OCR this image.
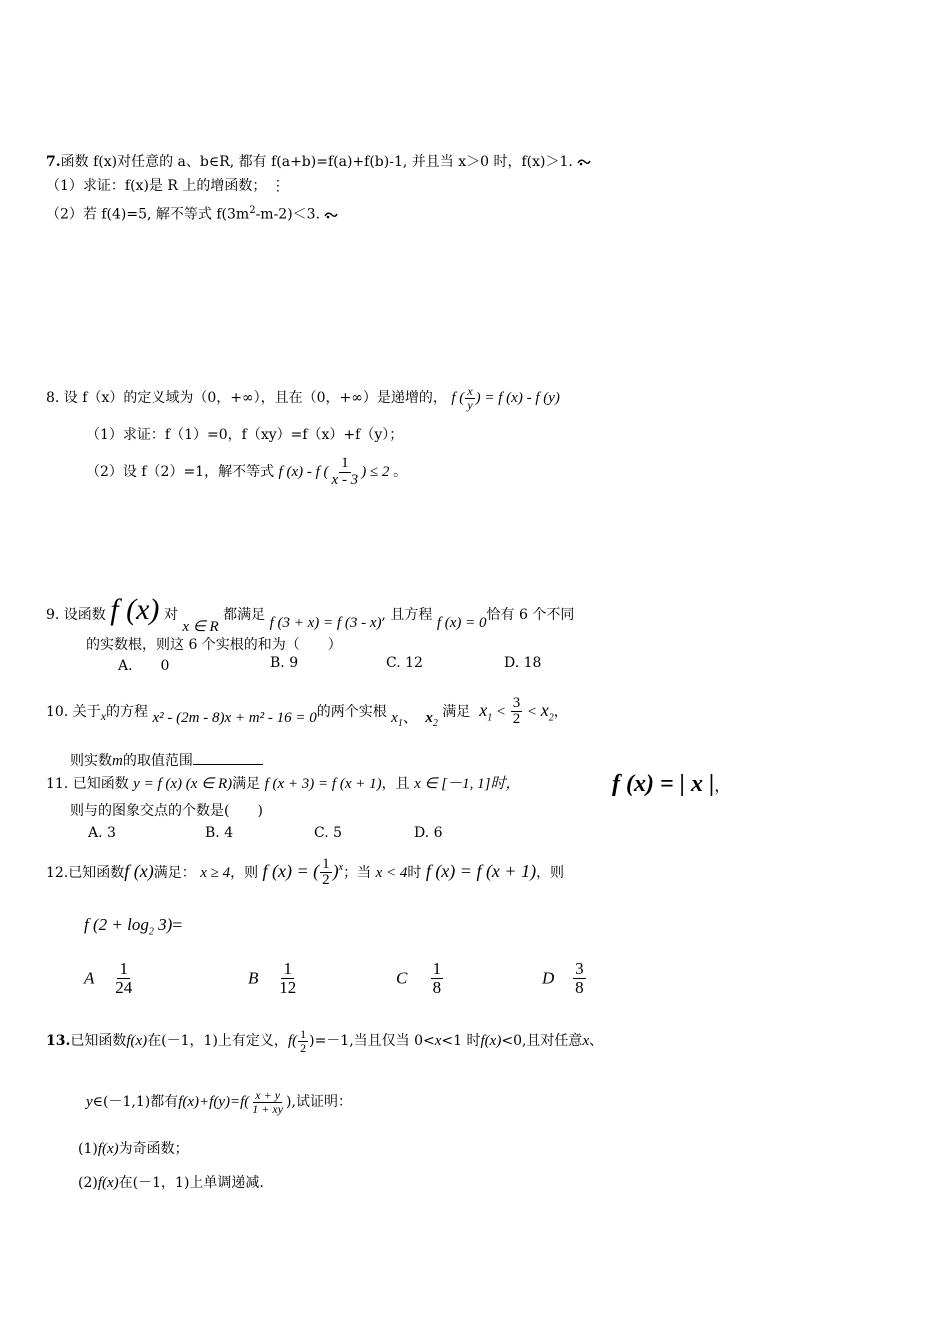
7.函数 f(x)对任意的 a、b∈R, 都有 f(a+b)=f(a)+f(b)-1, 并且当 x＞0 时，f(x)＞1.
（1）求证：f(x)是 R 上的增函数； ⋮
（2）若 f(4)=5, 解不等式 $f(3m^2-m-2)<3$.
8. 设 f（x）的定义域为（0，+∞），且在（0，+∞）是递增的， f ( $\frac{x}{y}$ ) = f (x) - f (y)
（1）求证：f（1）=0，f（xy）=f（x）+f（y）；
（2）设 f（2）=1，解不等式 f (x) - f ( $\frac{1}{x - 3}$ ) ≤ 2 。
9. 设函数 f (x) 对 x ∈ R 都满足 f (3 + x) = f (3 - x), 且方程 f (x) = 0恰有 6 个不同
的实数根，则这 6 个实根的和为（　　）
A.　　0	B. 9	C. 12	D. 18
10. 关于x的方程 x² - (2m - 8)x + m² - 16 = 0的两个实根 $x_1$、 $x_2$ 满足 $x_1 < \frac{3}{2} < x_2$，
则实数m的取值范围
11. 已知函数 y = f (x) (x ∈ R)满足 f (x + 3) = f (x + 1)，且 x ∈ [－1, 1]时，	f (x) = | x |，
则与的图象交点的个数是(　　)
A. 3	B. 4	C. 5	D. 6
12.已知函数f (x)满足： x ≥ 4，则 f (x) = ( $\frac{1}{2} )^x$；当 x < 4时 f (x) = f (x + 1)，则
f $(2 + \log_2 3)=$
A $\frac{1}{24}$	B $\frac{1}{12}$	C $\frac{1}{8}$	D $\frac{3}{8}$
13.已知函数f(x)在(－1，1)上有定义，$f( \frac{1}{2} )=-1$,当且仅当 0<x<1 时f(x)<0,且对任意x、
y∈(－1,1)都有$f(x)+f(y)=f( \frac{x + y}{1 + xy}$ ),试证明：
(1)f(x)为奇函数；
(2)f(x)在(－1，1)上单调递减.
